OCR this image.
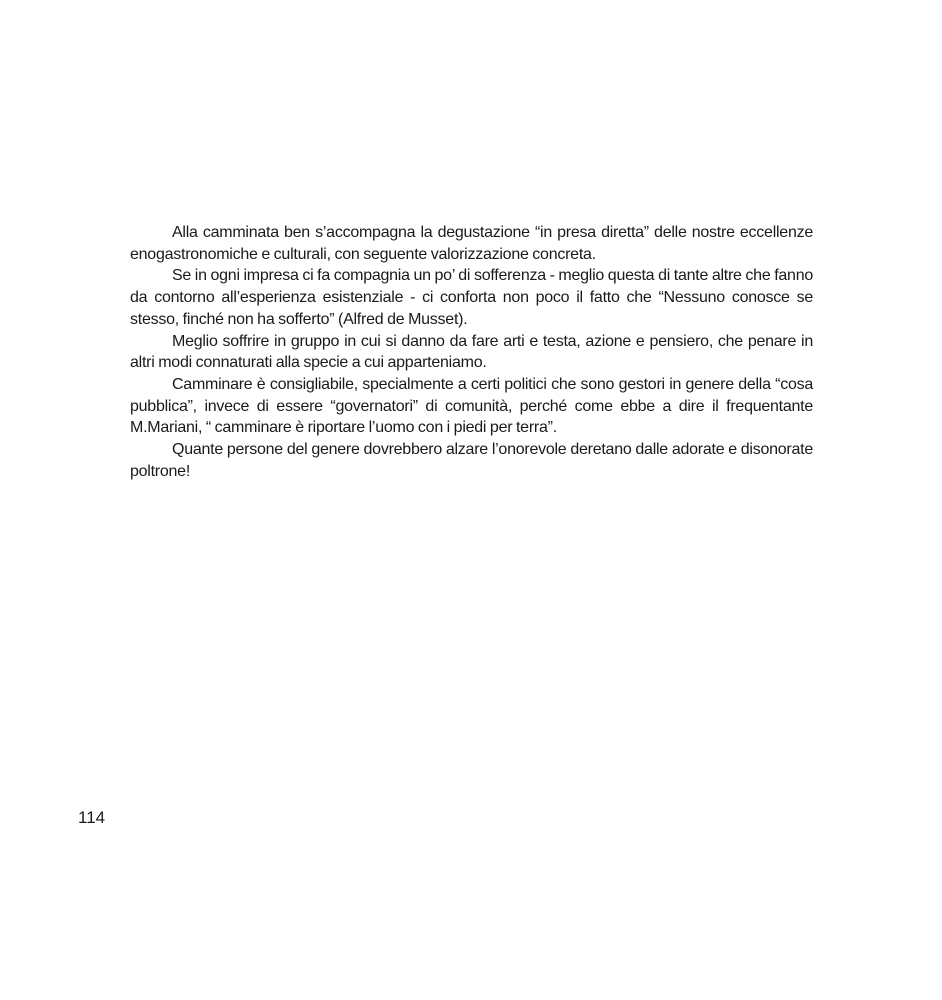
Alla camminata ben s’accompagna la degustazione “in presa diretta” delle nostre eccellenze enogastronomiche e culturali, con seguente valorizzazione concreta.

Se in ogni impresa ci fa compagnia un po’ di sofferenza - meglio questa di tante altre che fanno da contorno all’esperienza esistenziale - ci conforta non poco il fatto che “Nessuno conosce se stesso, finché non ha sofferto” (Alfred de Musset).

Meglio soffrire in gruppo in cui si danno da fare arti e testa, azione e pensiero, che penare in altri modi connaturati alla specie a cui apparteniamo.

Camminare è consigliabile, specialmente a certi politici che sono gestori in genere della “cosa pubblica”, invece di essere “governatori” di comunità, perché come ebbe a dire il frequentante M.Mariani, “ camminare è riportare l’uomo con i piedi per terra”.

Quante persone del genere dovrebbero alzare l’onorevole deretano dalle adorate e disonorate poltrone!

114
